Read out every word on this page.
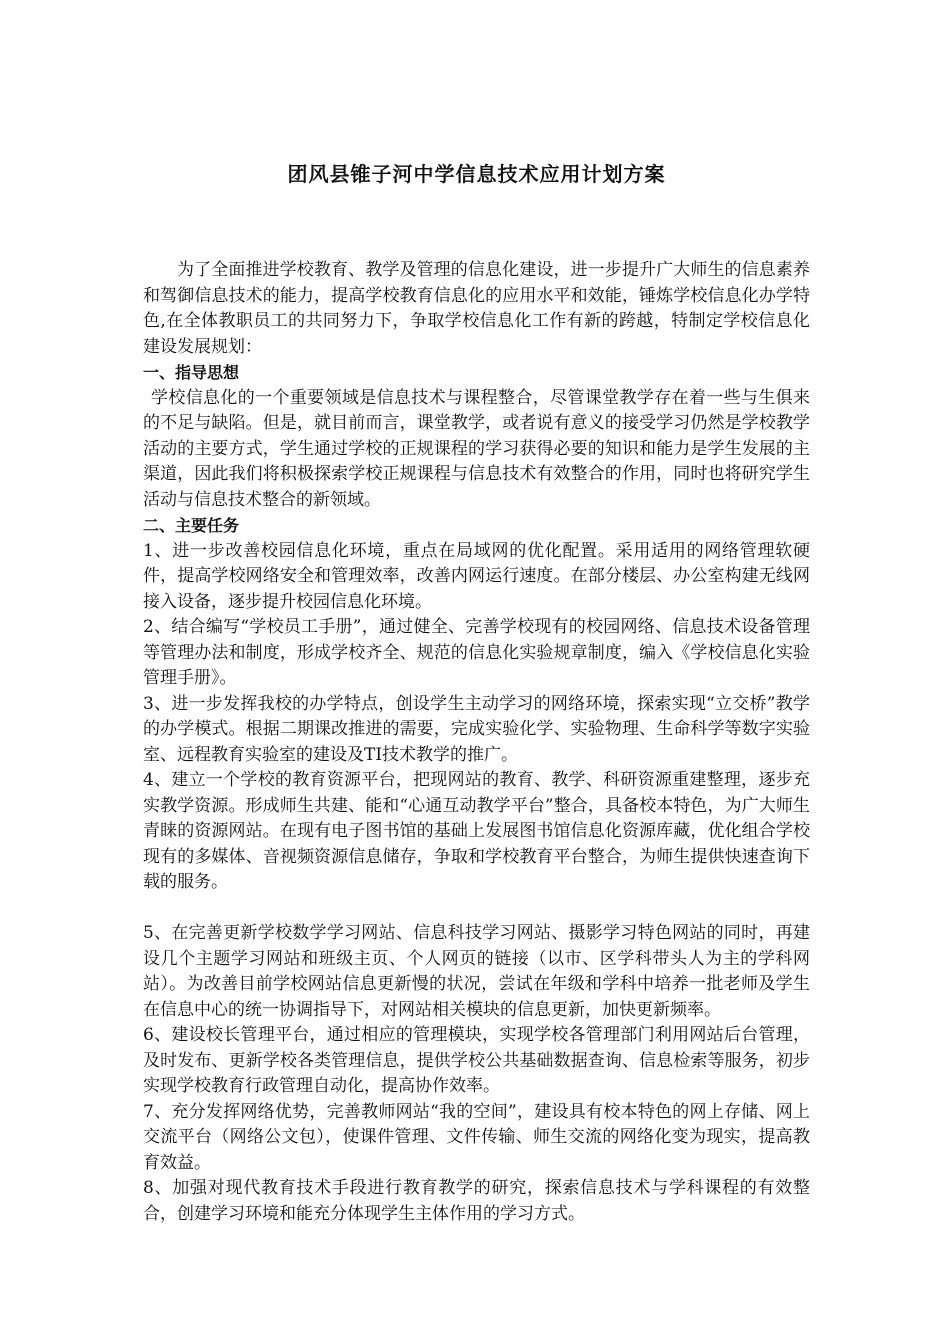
团风县锥子河中学信息技术应用计划方案

为了全面推进学校教育、教学及管理的信息化建设，进一步提升广大师生的信息素养和驾御信息技术的能力，提高学校教育信息化的应用水平和效能，锤炼学校信息化办学特色,在全体教职员工的共同努力下，争取学校信息化工作有新的跨越，特制定学校信息化建设发展规划：

一、指导思想

学校信息化的一个重要领域是信息技术与课程整合，尽管课堂教学存在着一些与生俱来的不足与缺陷。但是，就目前而言，课堂教学，或者说有意义的接受学习仍然是学校教学活动的主要方式，学生通过学校的正规课程的学习获得必要的知识和能力是学生发展的主渠道，因此我们将积极探索学校正规课程与信息技术有效整合的作用，同时也将研究学生活动与信息技术整合的新领域。

二、主要任务

1、进一步改善校园信息化环境，重点在局域网的优化配置。采用适用的网络管理软硬件，提高学校网络安全和管理效率，改善内网运行速度。在部分楼层、办公室构建无线网接入设备，逐步提升校园信息化环境。

2、结合编写“学校员工手册”，通过健全、完善学校现有的校园网络、信息技术设备管理等管理办法和制度，形成学校齐全、规范的信息化实验规章制度，编入《学校信息化实验管理手册》。

3、进一步发挥我校的办学特点，创设学生主动学习的网络环境，探索实现“立交桥”教学的办学模式。根据二期课改推进的需要，完成实验化学、实验物理、生命科学等数字实验室、远程教育实验室的建设及TI技术教学的推广。

4、建立一个学校的教育资源平台，把现网站的教育、教学、科研资源重建整理，逐步充实教学资源。形成师生共建、能和“心通互动教学平台”整合，具备校本特色，为广大师生青睐的资源网站。在现有电子图书馆的基础上发展图书馆信息化资源库藏，优化组合学校现有的多媒体、音视频资源信息储存，争取和学校教育平台整合，为师生提供快速查询下载的服务。

5、在完善更新学校数学学习网站、信息科技学习网站、摄影学习特色网站的同时，再建设几个主题学习网站和班级主页、个人网页的链接（以市、区学科带头人为主的学科网站）。为改善目前学校网站信息更新慢的状况，尝试在年级和学科中培养一批老师及学生在信息中心的统一协调指导下，对网站相关模块的信息更新，加快更新频率。

6、建设校长管理平台，通过相应的管理模块，实现学校各管理部门利用网站后台管理，及时发布、更新学校各类管理信息，提供学校公共基础数据查询、信息检索等服务，初步实现学校教育行政管理自动化，提高协作效率。

7、充分发挥网络优势，完善教师网站“我的空间”，建设具有校本特色的网上存储、网上交流平台（网络公文包），使课件管理、文件传输、师生交流的网络化变为现实，提高教育效益。

8、加强对现代教育技术手段进行教育教学的研究，探索信息技术与学科课程的有效整合，创建学习环境和能充分体现学生主体作用的学习方式。
